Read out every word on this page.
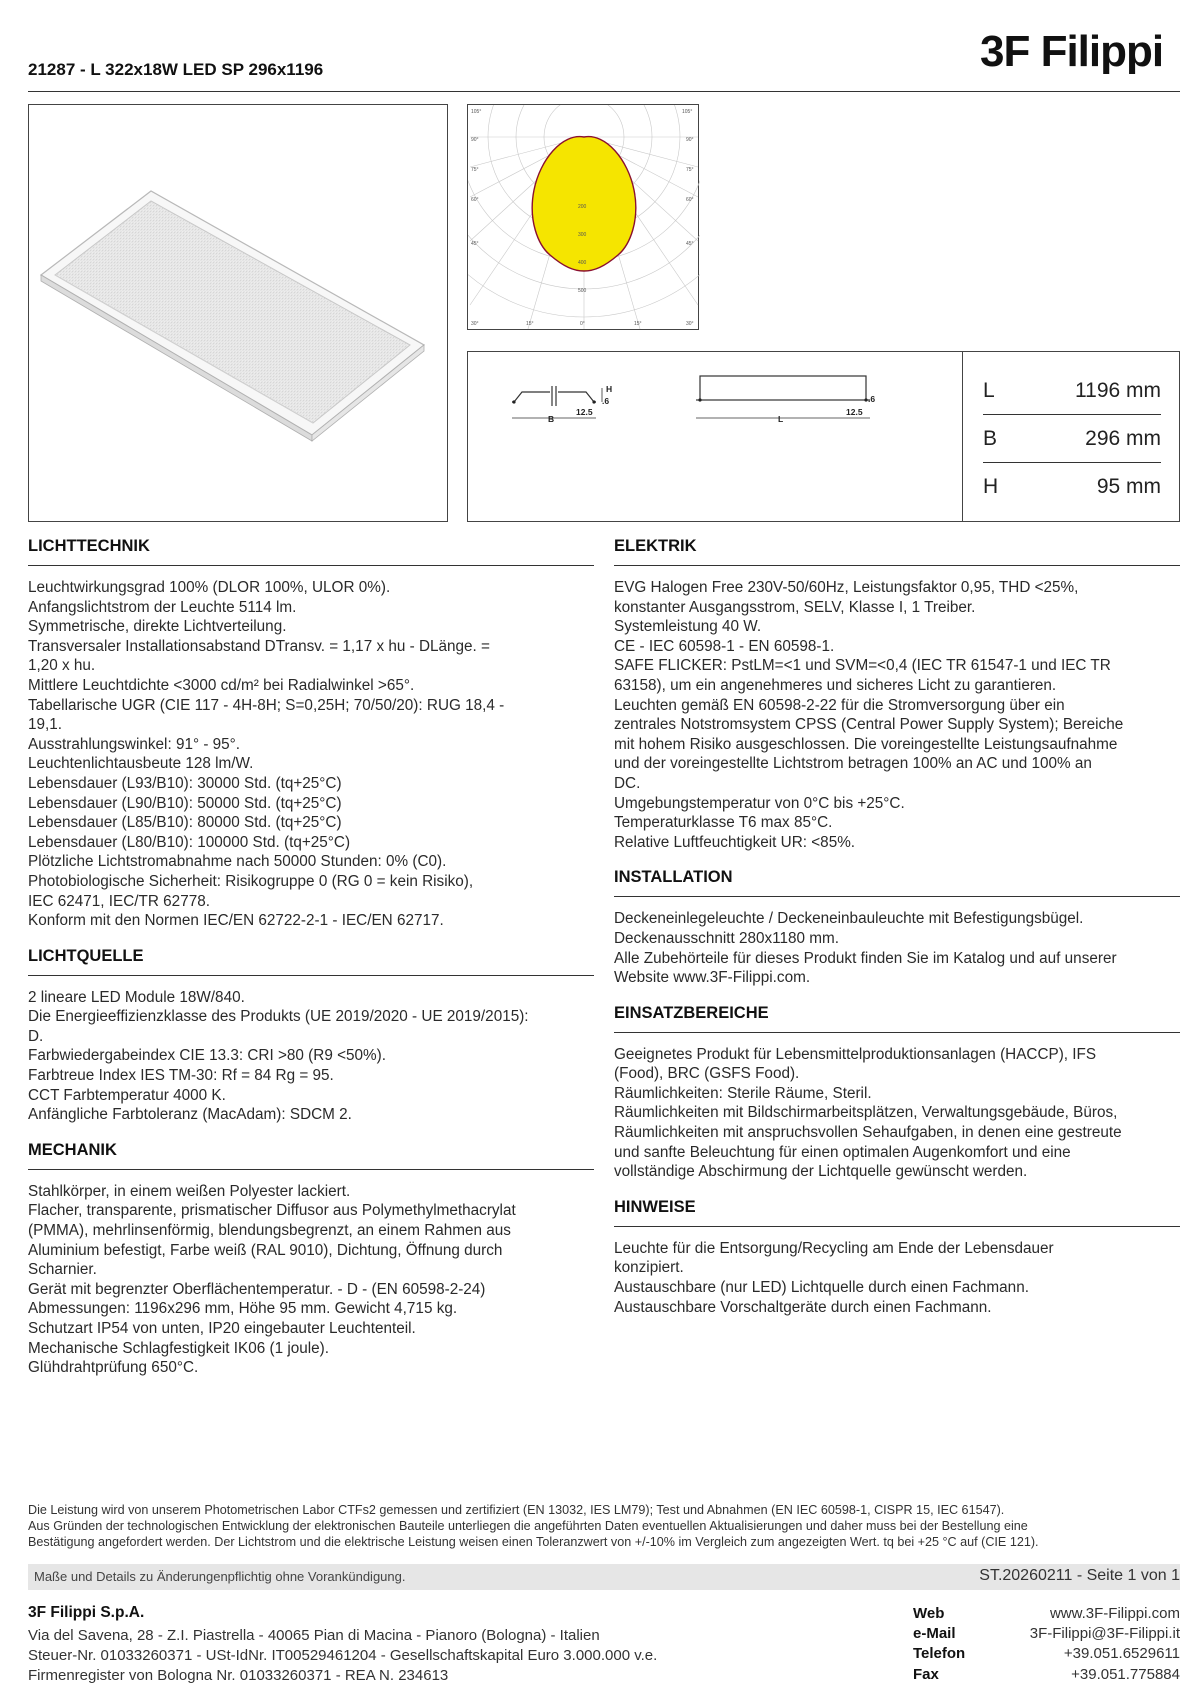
21287 - L 322x18W LED SP 296x1196	3F Filippi
105°	105°
90°
75°
60°
45°
90°
75°
60°
45°
30°	30°
15°	0°	15°
200
300
400
500
H
.6
12.5
B
.6
12.5
L
L	1196 mm
B	296 mm
H	95 mm
LICHTTECHNIK

Leuchtwirkungsgrad 100% (DLOR 100%, ULOR 0%).

Anfangslichtstrom der Leuchte 5114 lm.

Symmetrische, direkte Lichtverteilung.

Transversaler Installationsabstand DTransv. = 1,17 x hu - DLänge. =

1,20 x hu.

Mittlere Leuchtdichte <3000 cd/m² bei Radialwinkel >65°.

Tabellarische UGR (CIE 117 - 4H-8H; S=0,25H; 70/50/20): RUG 18,4 -

19,1.

Ausstrahlungswinkel: 91° - 95°.

Leuchtenlichtausbeute 128 lm/W.

Lebensdauer (L93/B10): 30000 Std. (tq+25°C)

Lebensdauer (L90/B10): 50000 Std. (tq+25°C)

Lebensdauer (L85/B10): 80000 Std. (tq+25°C)

Lebensdauer (L80/B10): 100000 Std. (tq+25°C)

Plötzliche Lichtstromabnahme nach 50000 Stunden: 0% (C0).

Photobiologische Sicherheit: Risikogruppe 0 (RG 0 = kein Risiko),

IEC 62471, IEC/TR 62778.

Konform mit den Normen IEC/EN 62722-2-1 - IEC/EN 62717.

LICHTQUELLE

2 lineare LED Module 18W/840.

Die Energieeffizienzklasse des Produkts (UE 2019/2020 - UE 2019/2015):

D.

Farbwiedergabeindex CIE 13.3: CRI >80 (R9 <50%).

Farbtreue Index IES TM-30: Rf = 84 Rg = 95.

CCT Farbtemperatur 4000 K.

Anfängliche Farbtoleranz (MacAdam): SDCM 2.

MECHANIK

Stahlkörper, in einem weißen Polyester lackiert.

Flacher, transparente, prismatischer Diffusor aus Polymethylmethacrylat

(PMMA), mehrlinsenförmig, blendungsbegrenzt, an einem Rahmen aus

Aluminium befestigt, Farbe weiß (RAL 9010), Dichtung, Öffnung durch

Scharnier.

Gerät mit begrenzter Oberflächentemperatur. - D - (EN 60598-2-24)

Abmessungen: 1196x296 mm, Höhe 95 mm. Gewicht 4,715 kg.

Schutzart IP54 von unten, IP20 eingebauter Leuchtenteil.

Mechanische Schlagfestigkeit IK06 (1 joule).

Glühdrahtprüfung 650°C.

ELEKTRIK

EVG Halogen Free 230V-50/60Hz, Leistungsfaktor 0,95, THD <25%,

konstanter Ausgangsstrom, SELV, Klasse I, 1 Treiber.

Systemleistung 40 W.

CE - IEC 60598-1 - EN 60598-1.

SAFE FLICKER: PstLM=<1 und SVM=<0,4 (IEC TR 61547-1 und IEC TR

63158), um ein angenehmeres und sicheres Licht zu garantieren.

Leuchten gemäß EN 60598-2-22 für die Stromversorgung über ein

zentrales Notstromsystem CPSS (Central Power Supply System); Bereiche

mit hohem Risiko ausgeschlossen. Die voreingestellte Leistungsaufnahme

und der voreingestellte Lichtstrom betragen 100% an AC und 100% an

DC.

Umgebungstemperatur von 0°C bis +25°C.

Temperaturklasse T6 max 85°C.

Relative Luftfeuchtigkeit UR: <85%.

INSTALLATION

Deckeneinlegeleuchte / Deckeneinbauleuchte mit Befestigungsbügel.

Deckenausschnitt 280x1180 mm.

Alle Zubehörteile für dieses Produkt finden Sie im Katalog und auf unserer

Website www.3F-Filippi.com.

EINSATZBEREICHE

Geeignetes Produkt für Lebensmittelproduktionsanlagen (HACCP), IFS

(Food), BRC (GSFS Food).

Räumlichkeiten: Sterile Räume, Steril.

Räumlichkeiten mit Bildschirmarbeitsplätzen, Verwaltungsgebäude, Büros,

Räumlichkeiten mit anspruchsvollen Sehaufgaben, in denen eine gestreute

und sanfte Beleuchtung für einen optimalen Augenkomfort und eine

vollständige Abschirmung der Lichtquelle gewünscht werden.

HINWEISE

Leuchte für die Entsorgung/Recycling am Ende der Lebensdauer

konzipiert.

Austauschbare (nur LED) Lichtquelle durch einen Fachmann.

Austauschbare Vorschaltgeräte durch einen Fachmann.

Die Leistung wird von unserem Photometrischen Labor CTFs2 gemessen und zertifiziert (EN 13032, IES LM79); Test und Abnahmen (EN IEC 60598-1, CISPR 15, IEC 61547).
Aus Gründen der technologischen Entwicklung der elektronischen Bauteile unterliegen die angeführten Daten eventuellen Aktualisierungen und daher muss bei der Bestellung eine
Bestätigung angefordert werden. Der Lichtstrom und die elektrische Leistung weisen einen Toleranzwert von +/-10% im Vergleich zum angezeigten Wert. tq bei +25 °C auf (CIE 121).
Maße und Details zu Änderungenpflichtig ohne Vorankündigung.	ST.20260211 - Seite 1 von 1
3F Filippi S.p.A.
Via del Savena, 28 - Z.I. Piastrella - 40065 Pian di Macina - Pianoro (Bologna) - Italien
Steuer-Nr. 01033260371 - USt-IdNr. IT00529461204 - Gesellschaftskapital Euro 3.000.000 v.e.
Firmenregister von Bologna Nr. 01033260371 - REA N. 234613
Web	www.3F-Filippi.com
e-Mail	3F-Filippi@3F-Filippi.it
Telefon	+39.051.6529611
Fax	+39.051.775884
